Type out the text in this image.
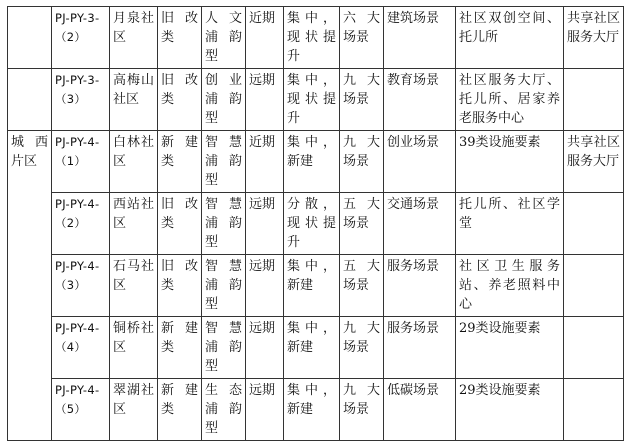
	PJ-PY-3-（2）	月泉社区	旧改类	人文浦韵型	近期	集中，现状提升	六大场景	建筑场景	社区双创空间、托儿所	共享社区服务大厅
	PJ-PY-3-（3）	高梅山社区	旧改类	创业浦韵型	远期	集中，现状提升	九大场景	教育场景	社区服务大厅、托儿所、居家养老服务中心	
城西片区	PJ-PY-4-（1）	白林社区	新建类	智慧浦韵型	近期	集中，新建	九大场景	创业场景	39类设施要素	共享社区服务大厅
	PJ-PY-4-（2）	西站社区	旧改类	智慧浦韵型	远期	分散，现状提升	五大场景	交通场景	托儿所、社区学堂	
	PJ-PY-4-（3）	石马社区	旧改类	智慧浦韵型	远期	集中，新建	五大场景	服务场景	社区卫生服务站、养老照料中心	
	PJ-PY-4-（4）	铜桥社区	新建类	智慧浦韵型	远期	集中，新建	九大场景	服务场景	29类设施要素	
	PJ-PY-4-（5）	翠湖社区	新建类	生态浦韵型	远期	集中，新建	九大场景	低碳场景	29类设施要素	
